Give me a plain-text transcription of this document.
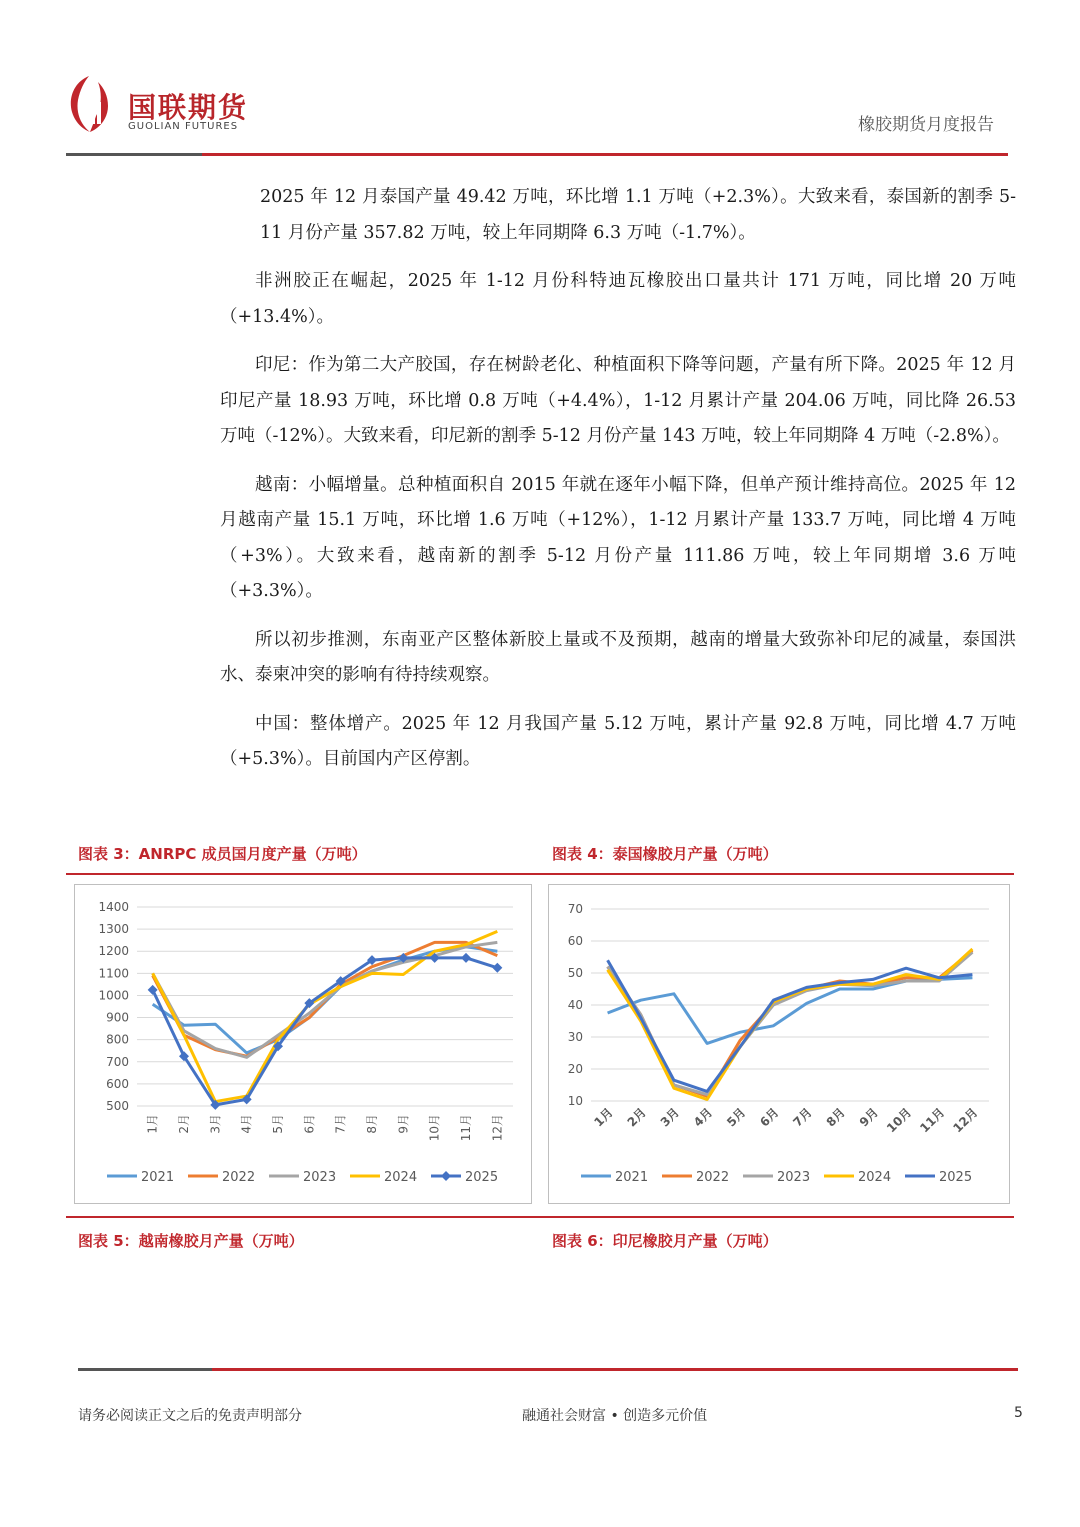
国联期货
GUOLIAN FUTURES	橡胶期货月度报告

2025 年 12 月泰国产量 49.42 万吨，环比增 1.1 万吨（+2.3%）。大致来看，泰国新的割季 5-11 月份产量 357.82 万吨，较上年同期降 6.3 万吨（-1.7%）。

非洲胶正在崛起，2025 年 1-12 月份科特迪瓦橡胶出口量共计 171 万吨，同比增 20 万吨（+13.4%）。

印尼：作为第二大产胶国，存在树龄老化、种植面积下降等问题，产量有所下降。2025 年 12 月印尼产量 18.93 万吨，环比增 0.8 万吨（+4.4%），1-12 月累计产量 204.06 万吨，同比降 26.53 万吨（-12%）。大致来看，印尼新的割季 5-12 月份产量 143 万吨，较上年同期降 4 万吨（-2.8%）。

越南：小幅增量。总种植面积自 2015 年就在逐年小幅下降，但单产预计维持高位。2025 年 12 月越南产量 15.1 万吨，环比增 1.6 万吨（+12%），1-12 月累计产量 133.7 万吨，同比增 4 万吨（+3%）。大致来看，越南新的割季 5-12 月份产量 111.86 万吨，较上年同期增 3.6 万吨（+3.3%）。

所以初步推测，东南亚产区整体新胶上量或不及预期，越南的增量大致弥补印尼的减量，泰国洪水、泰柬冲突的影响有待持续观察。

中国：整体增产。2025 年 12 月我国产量 5.12 万吨，累计产量 92.8 万吨，同比增 4.7 万吨（+5.3%）。目前国内产区停割。

图表 3：ANRPC 成员国月度产量（万吨）	图表 4：泰国橡胶月产量（万吨）
500
600
700
800
900
1000
1100
1200
1300
1400
1月 2月 3月 4月 5月 6月 7月 8月 9月 10月 11月 12月
2021	2022	2023	2024	2025
10
20
30
40
50
60
70
1月 2月 3月 4月 5月 6月 7月 8月 9月 10月 11月 12月
2021	2022	2023	2024	2025
图表 5：越南橡胶月产量（万吨）	图表 6：印尼橡胶月产量（万吨）
请务必阅读正文之后的免责声明部分	融通社会财富 • 创造多元价值	5
